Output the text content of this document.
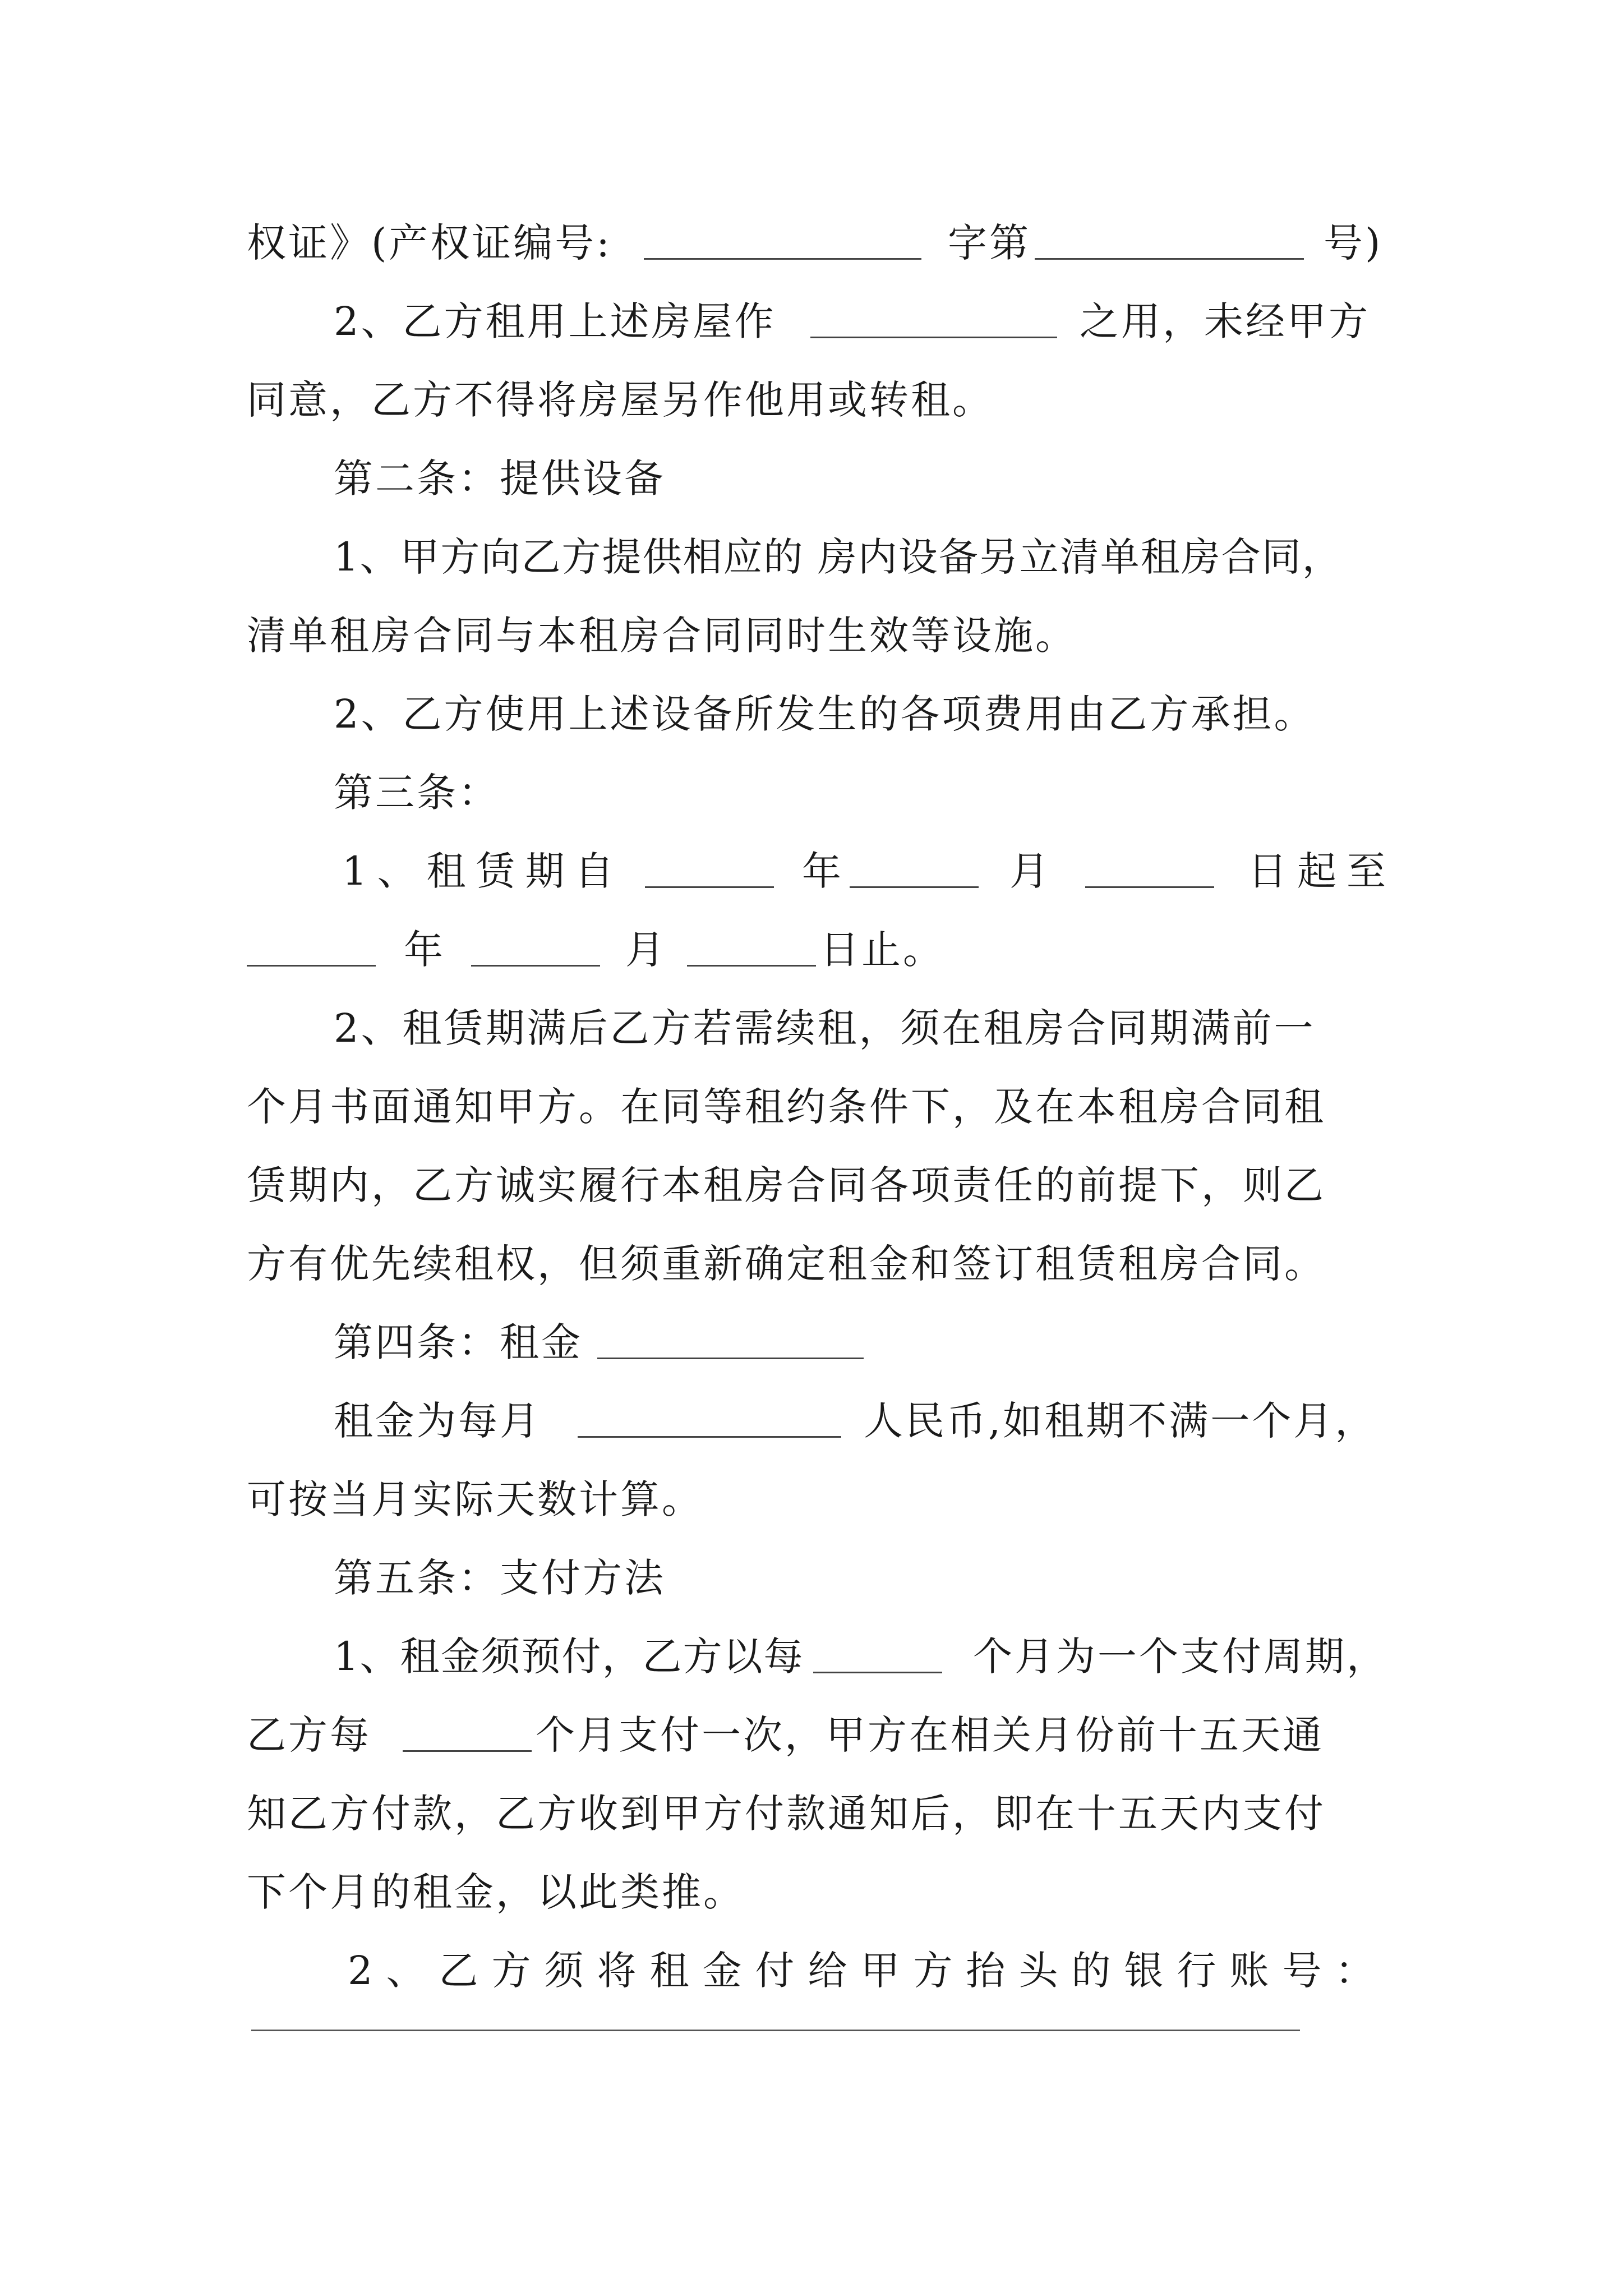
权证》(产权证编号:	字第	号)
2、乙方租用上述房屋作	之用，未经甲方
同意，乙方不得将房屋另作他用或转租。
第二条：提供设备
1、甲方向乙方提供相应的 房内设备另立清单租房合同，
清单租房合同与本租房合同同时生效等设施。
2、乙方使用上述设备所发生的各项费用由乙方承担。
第三条：
1、租赁期自	年	月	日起至
年	月	日止。
2、租赁期满后乙方若需续租，须在租房合同期满前一
个月书面通知甲方。在同等租约条件下，及在本租房合同租
赁期内，乙方诚实履行本租房合同各项责任的前提下，则乙
方有优先续租权，但须重新确定租金和签订租赁租房合同。
第四条：租金
租金为每月	人民币,如租期不满一个月，
可按当月实际天数计算。
第五条：支付方法
1、租金须预付，乙方以每	个月为一个支付周期，
乙方每	个月支付一次，甲方在相关月份前十五天通
知乙方付款，乙方收到甲方付款通知后，即在十五天内支付
下个月的租金，以此类推。
2、乙方须将租金付给甲方抬头的银行账号：
